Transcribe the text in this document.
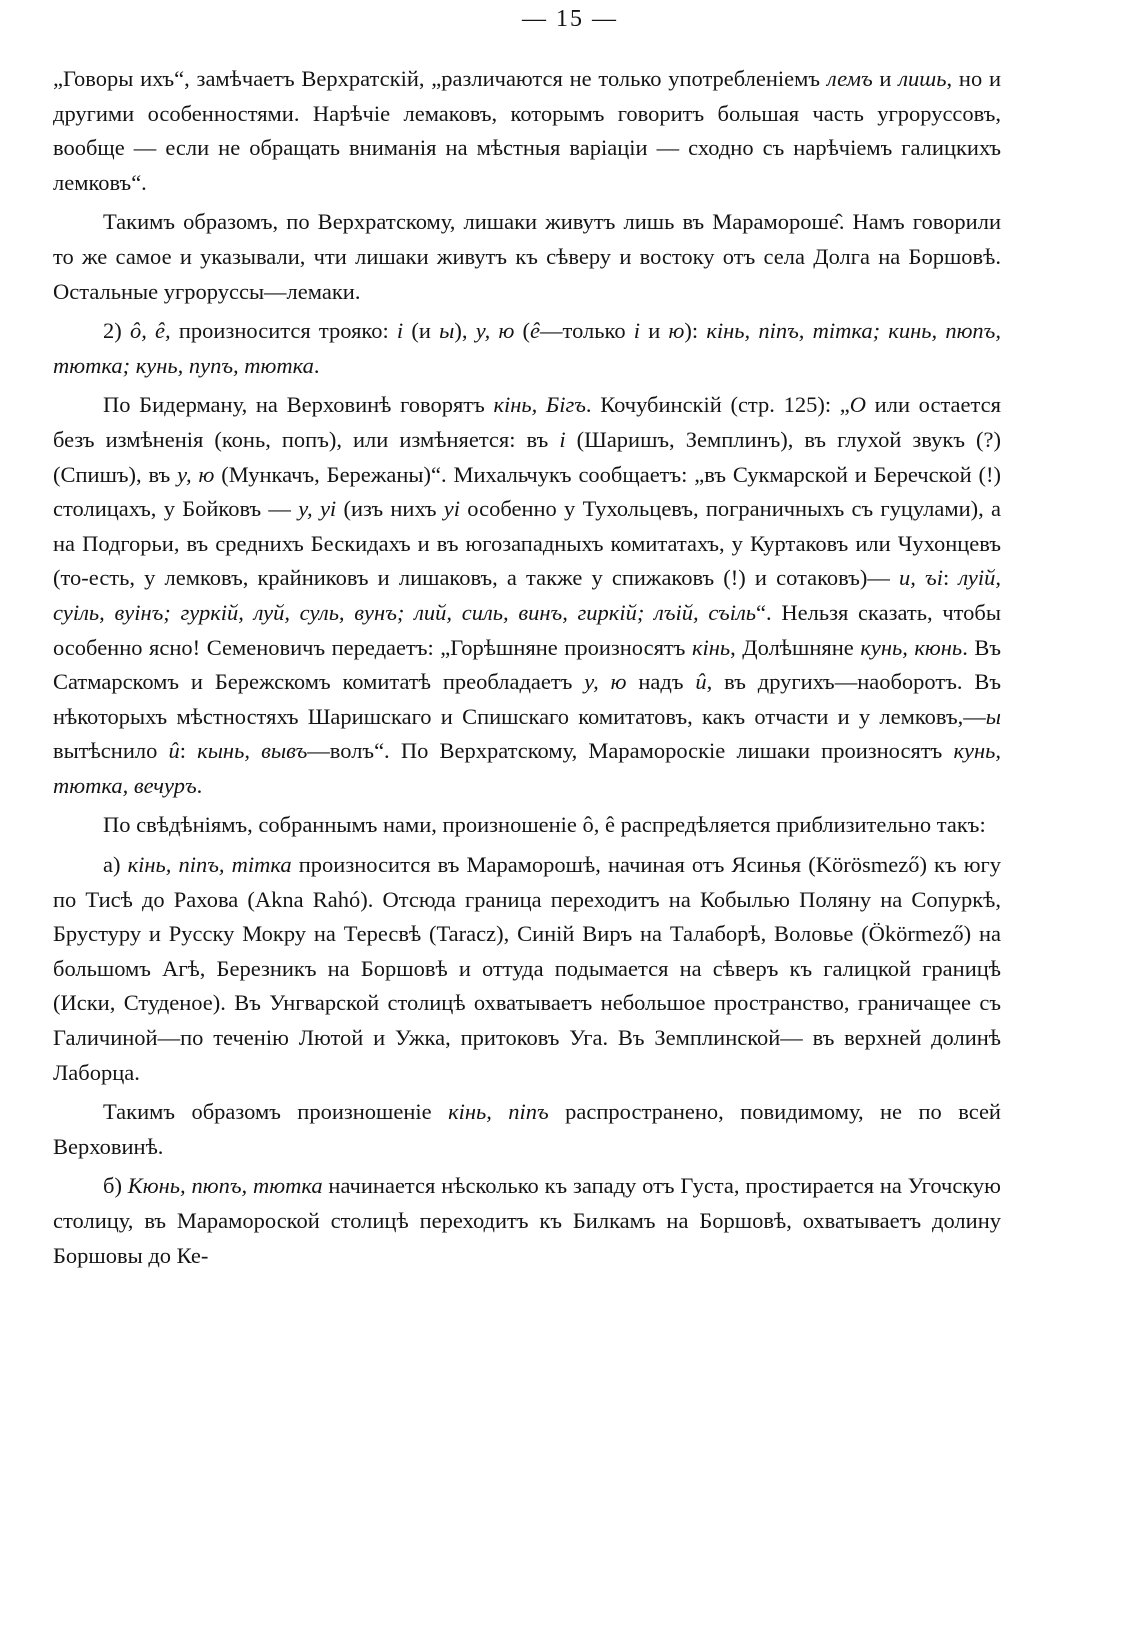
— 15 —

„Говоры ихъ“, замѣчаетъ Верхратскій, „различаются не только употребленіемъ лемъ и лишь, но и другими особенностями. Нарѣчіе лемаковъ, которымъ говоритъ большая часть угроруссовъ, вообще — если не обращать вниманія на мѣстныя варіаціи — сходно съ нарѣчіемъ галицкихъ лемковъ“.

Такимъ образомъ, по Верхратскому, лишаки живутъ лишь въ Марамороше̂. Намъ говорили то же самое и указывали, чти лишаки живутъ къ сѣверу и востоку отъ села Долга на Боршовѣ. Остальные угроруссы—лемаки.

2) ô, ê, произносится трояко: і (и ы), у, ю (ê—только і и ю): кінь, піпъ, тітка; кинь, пюпъ, тютка; кунь, пупъ, тютка.

По Бидерману, на Верховинѣ говорятъ кінь, Бігъ. Кочубинскій (стр. 125): „О или остается безъ измѣненія (конь, попъ), или измѣняется: въ і (Шаришъ, Земплинъ), въ глухой звукъ (?) (Спишъ), въ у, ю (Мункачъ, Бережаны)“. Михальчукъ сообщаетъ: „въ Сукмарской и Беречской (!) столицахъ, у Бойковъ — у, уі (изъ нихъ уі особенно у Тухольцевъ, пограничныхъ съ гуцулами), а на Подгорьи, въ среднихъ Бескидахъ и въ югозападныхъ комитатахъ, у Куртаковъ или Чухонцевъ (то-есть, у лемковъ, крайниковъ и лишаковъ, а также у спижаковъ (!) и сотаковъ)— и, ъі: луій, суіль, вуінъ; гуркій, луй, суль, вунъ; лий, силь, винъ, гиркій; лъій, съіль“. Нельзя сказать, чтобы особенно ясно! Семеновичъ передаетъ: „Горѣшняне произносятъ кінь, Долѣшняне кунь, кюнь. Въ Сатмарскомъ и Бережскомъ комитатѣ преобладаетъ у, ю надъ û, въ другихъ—наоборотъ. Въ нѣкоторыхъ мѣстностяхъ Шаришскаго и Спишскаго комитатовъ, какъ отчасти и у лемковъ,—ы вытѣснило û: кынь, вывъ—волъ“. По Верхратскому, Марамороскіе лишаки произносятъ кунь, тютка, вечуръ.

По свѣдѣніямъ, собраннымъ нами, произношеніе ô, ê распредѣляется приблизительно такъ:

а) кінь, піпъ, тітка произносится въ Мараморошѣ, начиная отъ Ясинья (Körösmező) къ югу по Тисѣ до Рахова (Akna Rahó). Отсюда граница переходитъ на Кобылью Поляну на Сопуркѣ, Брустуру и Русску Мокру на Тересвѣ (Taracz), Синій Виръ на Талаборѣ, Воловье (Ökörmező) на большомъ Агѣ, Березникъ на Боршовѣ и оттуда подымается на сѣверъ къ галицкой границѣ (Иски, Студеное). Въ Унгварской столицѣ охватываетъ небольшое пространство, граничащее съ Галичиной—по теченію Лютой и Ужка, притоковъ Уга. Въ Земплинской— въ верхней долинѣ Лаборца.

Такимъ образомъ произношеніе кінь, піпъ распространено, повидимому, не по всей Верховинѣ.

б) Кюнь, пюпъ, тютка начинается нѣсколько къ западу отъ Густа, простирается на Угочскую столицу, въ Марамороской столицѣ переходитъ къ Билкамъ на Боршовѣ, охватываетъ долину Боршовы до Ке-
